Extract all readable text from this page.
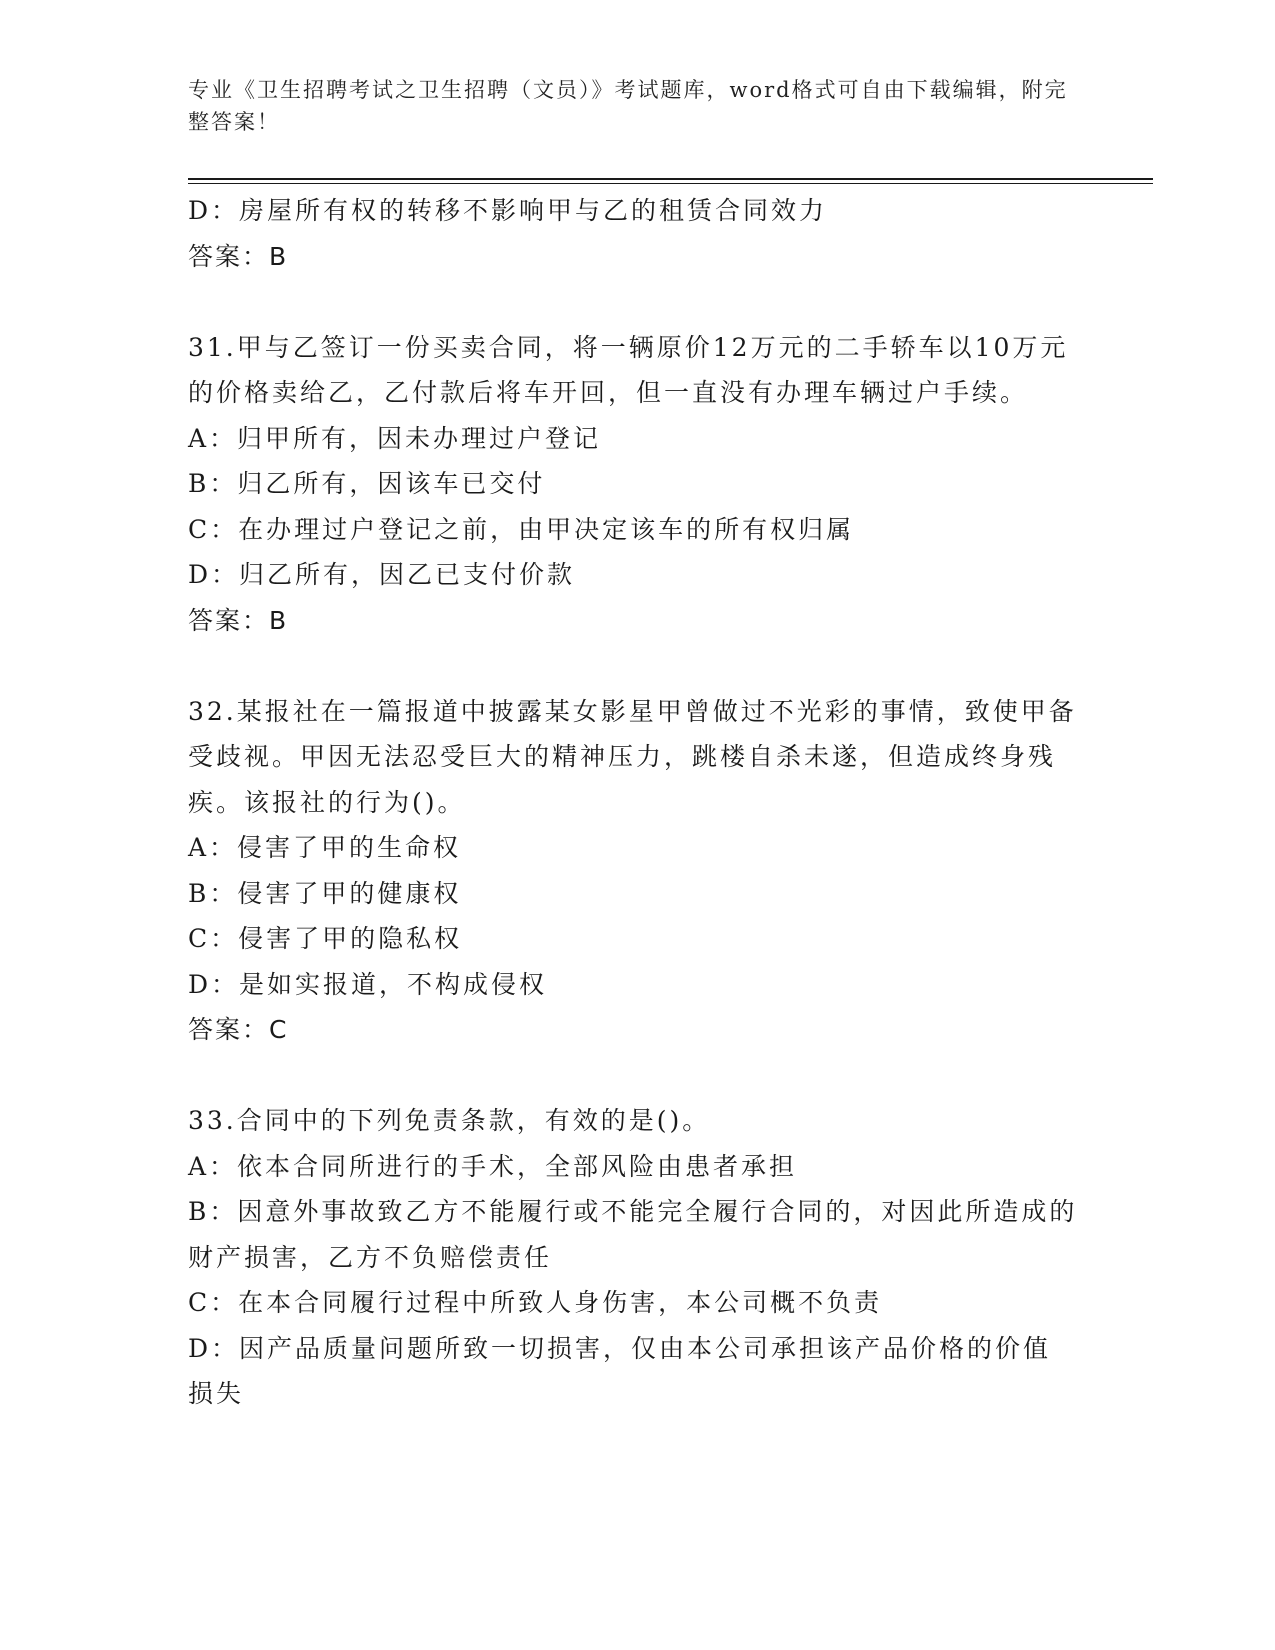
专业《卫生招聘考试之卫生招聘（文员）》考试题库，word格式可自由下载编辑，附完整答案！

D：房屋所有权的转移不影响甲与乙的租赁合同效力

答案：B

31.甲与乙签订一份买卖合同，将一辆原价12万元的二手轿车以10万元的价格卖给乙，乙付款后将车开回，但一直没有办理车辆过户手续。

A：归甲所有，因未办理过户登记

B：归乙所有，因该车已交付

C：在办理过户登记之前，由甲决定该车的所有权归属

D：归乙所有，因乙已支付价款

答案：B

32.某报社在一篇报道中披露某女影星甲曾做过不光彩的事情，致使甲备受歧视。甲因无法忍受巨大的精神压力，跳楼自杀未遂，但造成终身残疾。该报社的行为()。

A：侵害了甲的生命权

B：侵害了甲的健康权

C：侵害了甲的隐私权

D：是如实报道，不构成侵权

答案：C

33.合同中的下列免责条款，有效的是()。

A：依本合同所进行的手术，全部风险由患者承担

B：因意外事故致乙方不能履行或不能完全履行合同的，对因此所造成的财产损害，乙方不负赔偿责任

C：在本合同履行过程中所致人身伤害，本公司概不负责

D：因产品质量问题所致一切损害，仅由本公司承担该产品价格的价值损失
